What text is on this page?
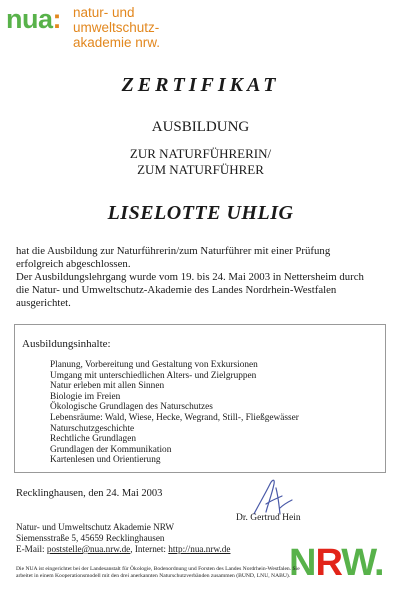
nua: natur- und
umweltschutz-
akademie nrw.
ZERTIFIKAT
AUSBILDUNG
ZUR NATURFÜHRERIN/
ZUM NATURFÜHRER
LISELOTTE UHLIG
hat die Ausbildung zur Naturführerin/zum Naturführer mit einer Prüfung
erfolgreich abgeschlossen.
Der Ausbildungslehrgang wurde vom 19. bis 24. Mai 2003 in Nettersheim durch
die Natur- und Umweltschutz-Akademie des Landes Nordrhein-Westfalen
ausgerichtet.
Ausbildungsinhalte:
Planung, Vorbereitung und Gestaltung von Exkursionen
Umgang mit unterschiedlichen Alters- und Zielgruppen
Natur erleben mit allen Sinnen
Biologie im Freien
Ökologische Grundlagen des Naturschutzes
Lebensräume: Wald, Wiese, Hecke, Wegrand, Still-, Fließgewässer
Naturschutzgeschichte
Rechtliche Grundlagen
Grundlagen der Kommunikation
Kartenlesen und Orientierung
Recklinghausen, den 24. Mai 2003
Dr. Gertrud Hein
Natur- und Umweltschutz Akademie NRW
Siemensstraße 5, 45659 Recklinghausen
E-Mail: poststelle@nua.nrw.de, Internet: http://nua.nrw.de NRW.
Die NUA ist eingerichtet bei der Landesanstalt für Ökologie, Bodenordnung und Forsten des Landes Nordrhein-Westfalen. Sie
arbeitet in einem Kooperationsmodell mit den drei anerkannten Naturschutzverbänden zusammen (BUND, LNU, NABU).
